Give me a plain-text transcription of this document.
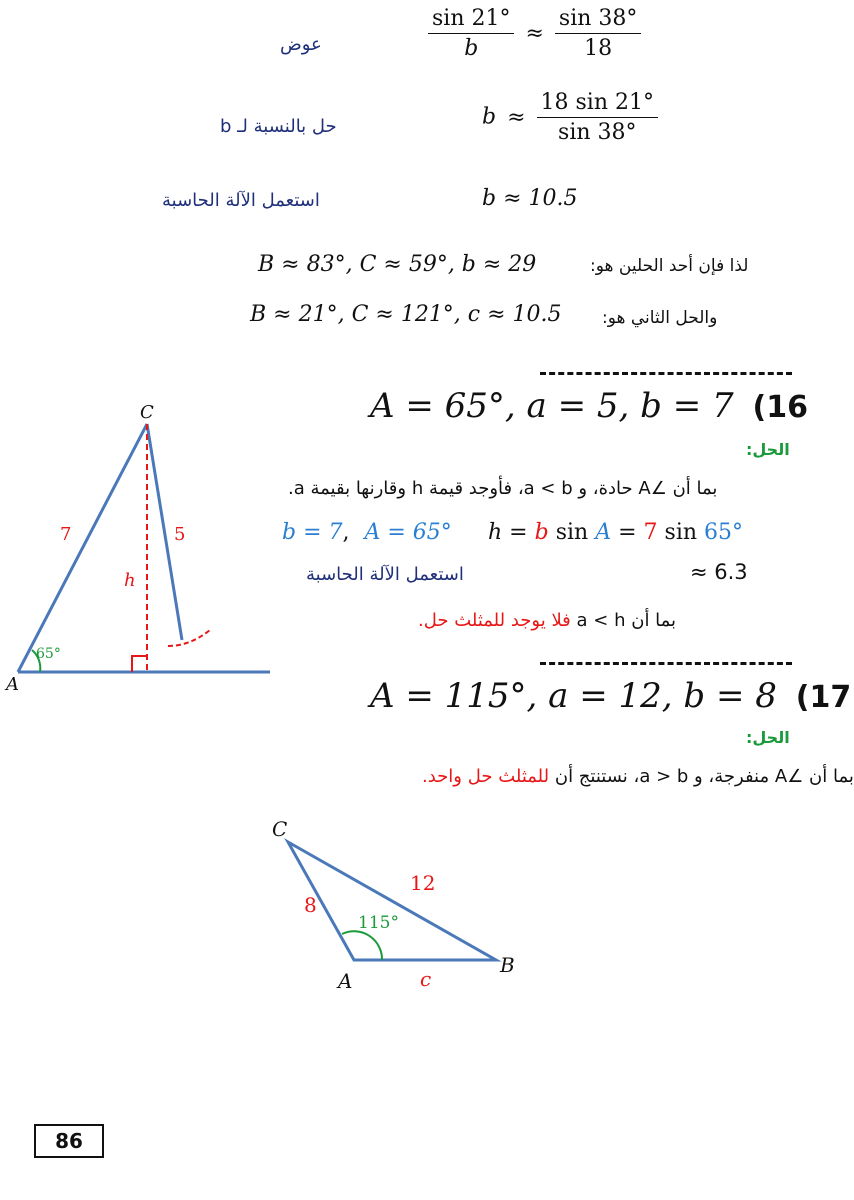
عوض	$\frac{\sin 21^\circ}{b} \approx \frac{\sin 38^\circ}{18}$
حل بالنسبة لـ b	$b \approx \frac{18 \sin 21^\circ}{\sin 38^\circ}$
استعمل الآلة الحاسبة	b ≈ 10.5
B ≈ 83°, C ≈ 59°, b ≈ 29	لذا فإن أحد الحلين هو:
B ≈ 21°, C ≈ 121°, c ≈ 10.5 والحل الثاني هو:
A = 65°, a = 5, b = 7 (16
الحل:
بما أن ∠A حادة، و a < b، فأوجد قيمة h وقارنها بقيمة a.
b = 7, A = 65° h = b sin A = 7 sin 65°
استعمل الآلة الحاسبة	≈ 6.3
بما أن a < h فلا يوجد للمثلث حل.
C
A
7	5
h
65°
A = 115°, a = 12, b = 8 (17
الحل:
بما أن ∠A منفرجة، و a > b، نستنتج أن للمثلث حل واحد.
C
A
B
8
12
c
115°
86
